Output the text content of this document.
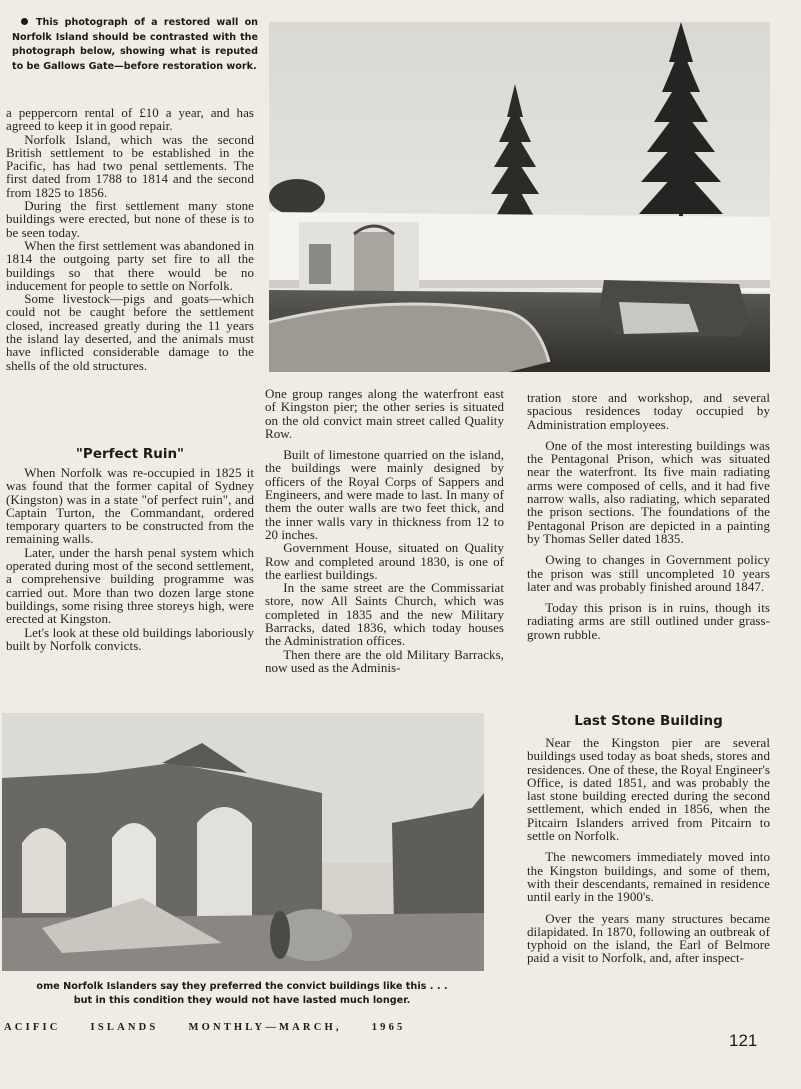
This photograph of a restored wall on Norfolk Island should be contrasted with the photograph below, showing what is reputed to be Gallows Gate—before restoration work.

a peppercorn rental of £10 a year, and has agreed to keep it in good repair.

Norfolk Island, which was the second British settlement to be established in the Pacific, has had two penal settlements. The first dated from 1788 to 1814 and the second from 1825 to 1856.

During the first settlement many stone buildings were erected, but none of these is to be seen today.

When the first settlement was abandoned in 1814 the outgoing party set fire to all the buildings so that there would be no inducement for people to settle on Norfolk.

Some livestock—pigs and goats—which could not be caught before the settlement closed, increased greatly during the 11 years the island lay deserted, and the animals must have inflicted considerable damage to the shells of the old structures.

"Perfect Ruin"

When Norfolk was re-occupied in 1825 it was found that the former capital of Sydney (Kingston) was in a state "of perfect ruin", and Captain Turton, the Commandant, ordered temporary quarters to be constructed from the remaining walls.

Later, under the harsh penal system which operated during most of the second settlement, a comprehensive building programme was carried out. More than two dozen large stone buildings, some rising three storeys high, were erected at Kingston.

Let's look at these old buildings laboriously built by Norfolk convicts.

One group ranges along the waterfront east of Kingston pier; the other series is situated on the old convict main street called Quality Row.

Built of limestone quarried on the island, the buildings were mainly designed by officers of the Royal Corps of Sappers and Engineers, and were made to last. In many of them the outer walls are two feet thick, and the inner walls vary in thickness from 12 to 20 inches.

Government House, situated on Quality Row and completed around 1830, is one of the earliest buildings.

In the same street are the Commissariat store, now All Saints Church, which was completed in 1835 and the new Military Barracks, dated 1836, which today houses the Administration offices.

Then there are the old Military Barracks, now used as the Adminis-

tration store and workshop, and several spacious residences today occupied by Administration employees.

One of the most interesting buildings was the Pentagonal Prison, which was situated near the waterfront. Its five main radiating arms were composed of cells, and it had five narrow walls, also radiating, which separated the prison sections. The foundations of the Pentagonal Prison are depicted in a painting by Thomas Seller dated 1835.

Owing to changes in Government policy the prison was still uncompleted 10 years later and was probably finished around 1847.

Today this prison is in ruins, though its radiating arms are still outlined under grass-grown rubble.

Last Stone Building

Near the Kingston pier are several buildings used today as boat sheds, stores and residences. One of these, the Royal Engineer's Office, is dated 1851, and was probably the last stone building erected during the second settlement, which ended in 1856, when the Pitcairn Islanders arrived from Pitcairn to settle on Norfolk.

The newcomers immediately moved into the Kingston buildings, and some of them, with their descendants, remained in residence until early in the 1900's.

Over the years many structures became dilapidated. In 1870, following an outbreak of typhoid on the island, the Earl of Belmore paid a visit to Norfolk, and, after inspect-

ome Norfolk Islanders say they preferred the convict buildings like this . . .
but in this condition they would not have lasted much longer.
ACIFIC	ISLANDS	MONTHLY—MARCH,	1965
121
